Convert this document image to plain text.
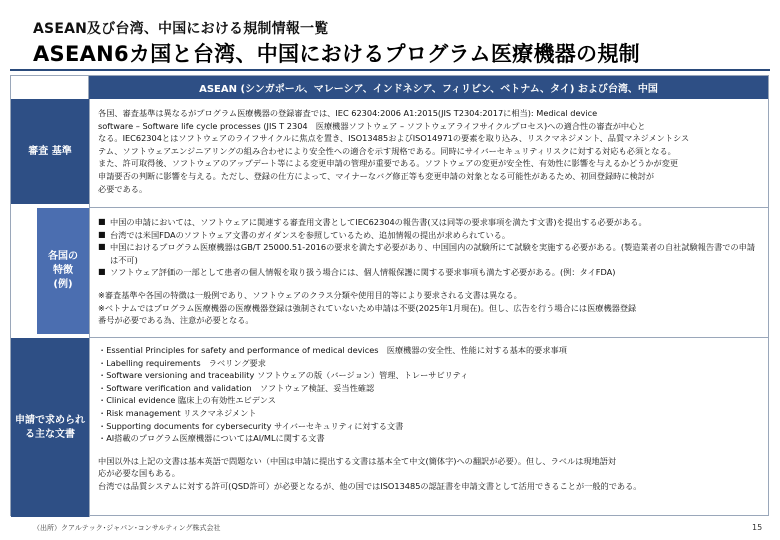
ASEAN及び台湾、中国における規制情報一覧
ASEAN6カ国と台湾、中国におけるプログラム医療機器の規制
ASEAN (シンガポール、マレーシア、インドネシア、フィリピン、ベトナム、タイ) および台湾、中国
審査 基準

各国、審査基準は異なるがプログラム医療機器の登録審査では、IEC 62304:2006 A1:2015(JIS T2304:2017に相当): Medical device

software – Software life cycle processes (JIS T 2304　医療機器ソフトウェア – ソフトウェアライフサイクルプロセス)への適合性の審査が中心と

なる。IEC62304とはソフトウェアのライフサイクルに焦点を置き、ISO13485およびISO14971の要素を取り込み、リスクマネジメント、品質マネジメントシス

テム、ソフトウェアエンジニアリングの組み合わせにより安全性への適合を示す規格である。同時にサイバーセキュリティリスクに対する対応も必須となる。

また、許可取得後、ソフトウェアのアップデート等による変更申請の管理が重要である。ソフトウェアの変更が安全性、有効性に影響を与えるかどうかが変更

申請要否の判断に影響を与える。ただし、登録の仕方によって、マイナーなバグ修正等も変更申請の対象となる可能性があるため、初回登録時に検討が

必要である。

各国の
特徴
(例)
■ 中国の申請においては、ソフトウェアに関連する審査用文書としてIEC62304の報告書(又は同等の要求事項を満たす文書)を提出する必要がある。
■ 台湾では米国FDAのソフトウェア文書のガイダンスを参照しているため、追加情報の提出が求められている。
■ 中国におけるプログラム医療機器はGB/T 25000.51-2016の要求を満たす必要があり、中国国内の試験所にて試験を実施する必要がある。(製造業者の自社試験報告書での申請は不可)
■ ソフトウェア評価の一部として患者の個人情報を取り扱う場合には、個人情報保護に関する要求事項も満たす必要がある。(例：タイFDA)

※審査基準や各国の特徴は一般例であり、ソフトウェアのクラス分類や使用目的等により要求される文書は異なる。

※ベトナムではプログラム医療機器の医療機器登録は強制されていないため申請は不要(2025年1月現在)。但し、広告を行う場合には医療機器登録

番号が必要である為、注意が必要となる。

申請で求められ
る主な文書
・Essential Principles for safety and performance of medical devices　医療機器の安全性、性能に対する基本的要求事項
・Labelling requirements　ラベリング要求
・Software versioning and traceability ソフトウェアの版（バージョン）管理、トレーサビリティ
・Software verification and validation　ソフトウェア検証、妥当性確認
・Clinical evidence 臨床上の有効性エビデンス
・Risk management リスクマネジメント
・Supporting documents for cybersecurity サイバーセキュリティに対する文書
・AI搭載のプログラム医療機器についてはAI/MLに関する文書

中国以外は上記の文書は基本英語で問題ない（中国は申請に提出する文書は基本全て中文(簡体字)への翻訳が必要）。但し、ラベルは現地語対

応が必要な国もある。

台湾では品質システムに対する許可(QSD許可）が必要となるが、他の国ではISO13485の認証書を申請文書として活用できることが一般的である。

（出所）クアルテック･ジャパン･コンサルティング株式会社	15
